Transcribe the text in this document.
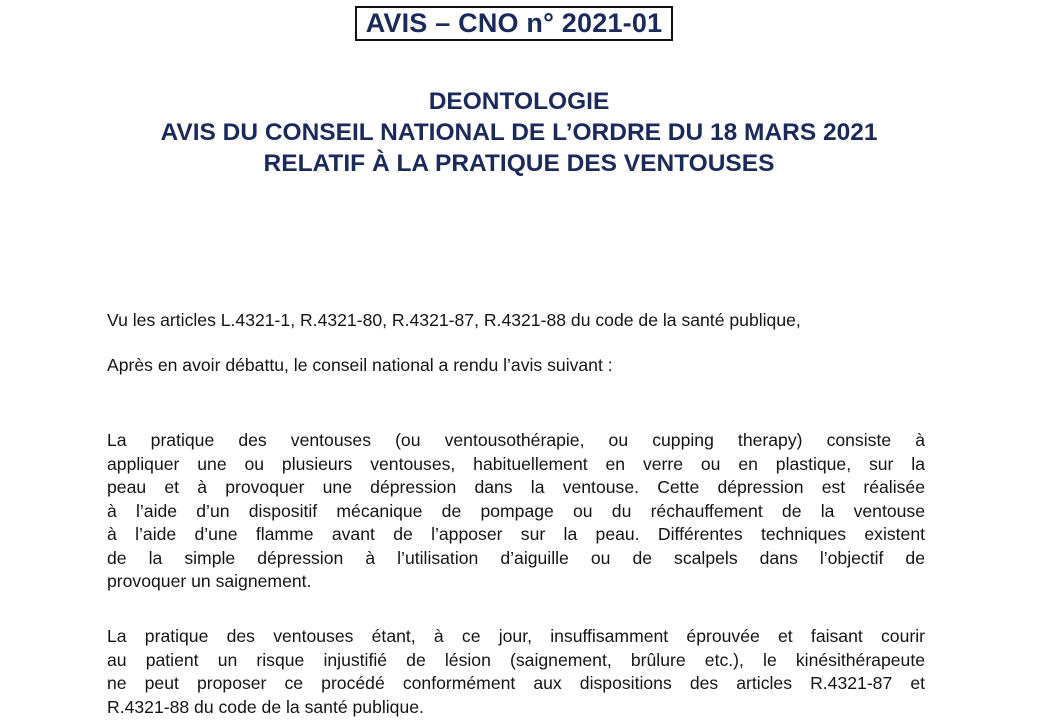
AVIS – CNO n° 2021-01
DEONTOLOGIE
AVIS DU CONSEIL NATIONAL DE L’ORDRE DU 18 MARS 2021
RELATIF À LA PRATIQUE DES VENTOUSES
Vu les articles L.4321-1, R.4321-80, R.4321-87, R.4321-88 du code de la santé publique,
Après en avoir débattu, le conseil national a rendu l’avis suivant :
La pratique des ventouses (ou ventousothérapie, ou cupping therapy) consiste à
appliquer une ou plusieurs ventouses, habituellement en verre ou en plastique, sur la
peau et à provoquer une dépression dans la ventouse. Cette dépression est réalisée
à l’aide d’un dispositif mécanique de pompage ou du réchauffement de la ventouse
à l’aide d’une flamme avant de l’apposer sur la peau. Différentes techniques existent
de la simple dépression à l’utilisation d’aiguille ou de scalpels dans l’objectif de
provoquer un saignement.
La pratique des ventouses étant, à ce jour, insuffisamment éprouvée et faisant courir
au patient un risque injustifié de lésion (saignement, brûlure etc.), le kinésithérapeute
ne peut proposer ce procédé conformément aux dispositions des articles R.4321-87 et
R.4321-88 du code de la santé publique.
